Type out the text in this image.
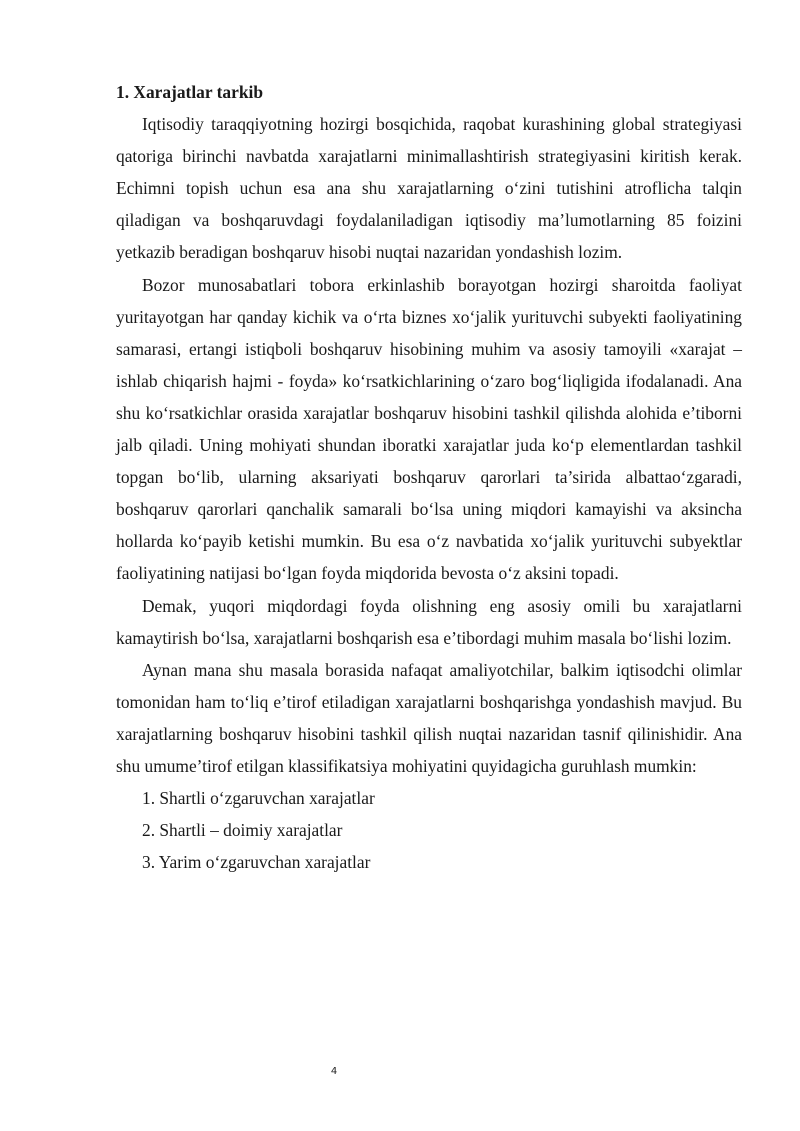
1. Xarajatlar tarkib

Iqtisodiy taraqqiyotning hozirgi bosqichida, raqobat kurashining global strategiyasi qatoriga birinchi navbatda xarajatlarni minimallashtirish strategiyasini kiritish kerak. Echimni topish uchun esa ana shu xarajatlarning o‘zini tutishini atroflicha talqin qiladigan va boshqaruvdagi foydalaniladigan iqtisodiy ma’lumotlarning 85 foizini yetkazib beradigan boshqaruv hisobi nuqtai nazaridan yondashish lozim.

Bozor munosabatlari tobora erkinlashib borayotgan hozirgi sharoitda faoliyat yuritayotgan har qanday kichik va o‘rta biznes xo‘jalik yurituvchi subyekti faoliyatining samarasi, ertangi istiqboli boshqaruv hisobining muhim va asosiy tamoyili «xarajat – ishlab chiqarish hajmi - foyda» ko‘rsatkichlarining o‘zaro bog‘liqligida ifodalanadi. Ana shu ko‘rsatkichlar orasida xarajatlar boshqaruv hisobini tashkil qilishda alohida e’tiborni jalb qiladi. Uning mohiyati shundan iboratki xarajatlar juda ko‘p elementlardan tashkil topgan bo‘lib, ularning aksariyati boshqaruv qarorlari ta’sirida albattao‘zgaradi, boshqaruv qarorlari qanchalik samarali bo‘lsa uning miqdori kamayishi va aksincha hollarda ko‘payib ketishi mumkin. Bu esa o‘z navbatida xo‘jalik yurituvchi subyektlar faoliyatining natijasi bo‘lgan foyda miqdorida bevosta o‘z aksini topadi.

Demak, yuqori miqdordagi foyda olishning eng asosiy omili bu xarajatlarni kamaytirish bo‘lsa, xarajatlarni boshqarish esa e’tibordagi muhim masala bo‘lishi lozim.

Aynan mana shu masala borasida nafaqat amaliyotchilar, balkim iqtisodchi olimlar tomonidan ham to‘liq e’tirof etiladigan xarajatlarni boshqarishga yondashish mavjud. Bu xarajatlarning boshqaruv hisobini tashkil qilish nuqtai nazaridan tasnif qilinishidir. Ana shu umume’tirof etilgan klassifikatsiya mohiyatini quyidagicha guruhlash mumkin:

1. Shartli o‘zgaruvchan xarajatlar

2. Shartli – doimiy xarajatlar

3. Yarim o‘zgaruvchan xarajatlar

4
